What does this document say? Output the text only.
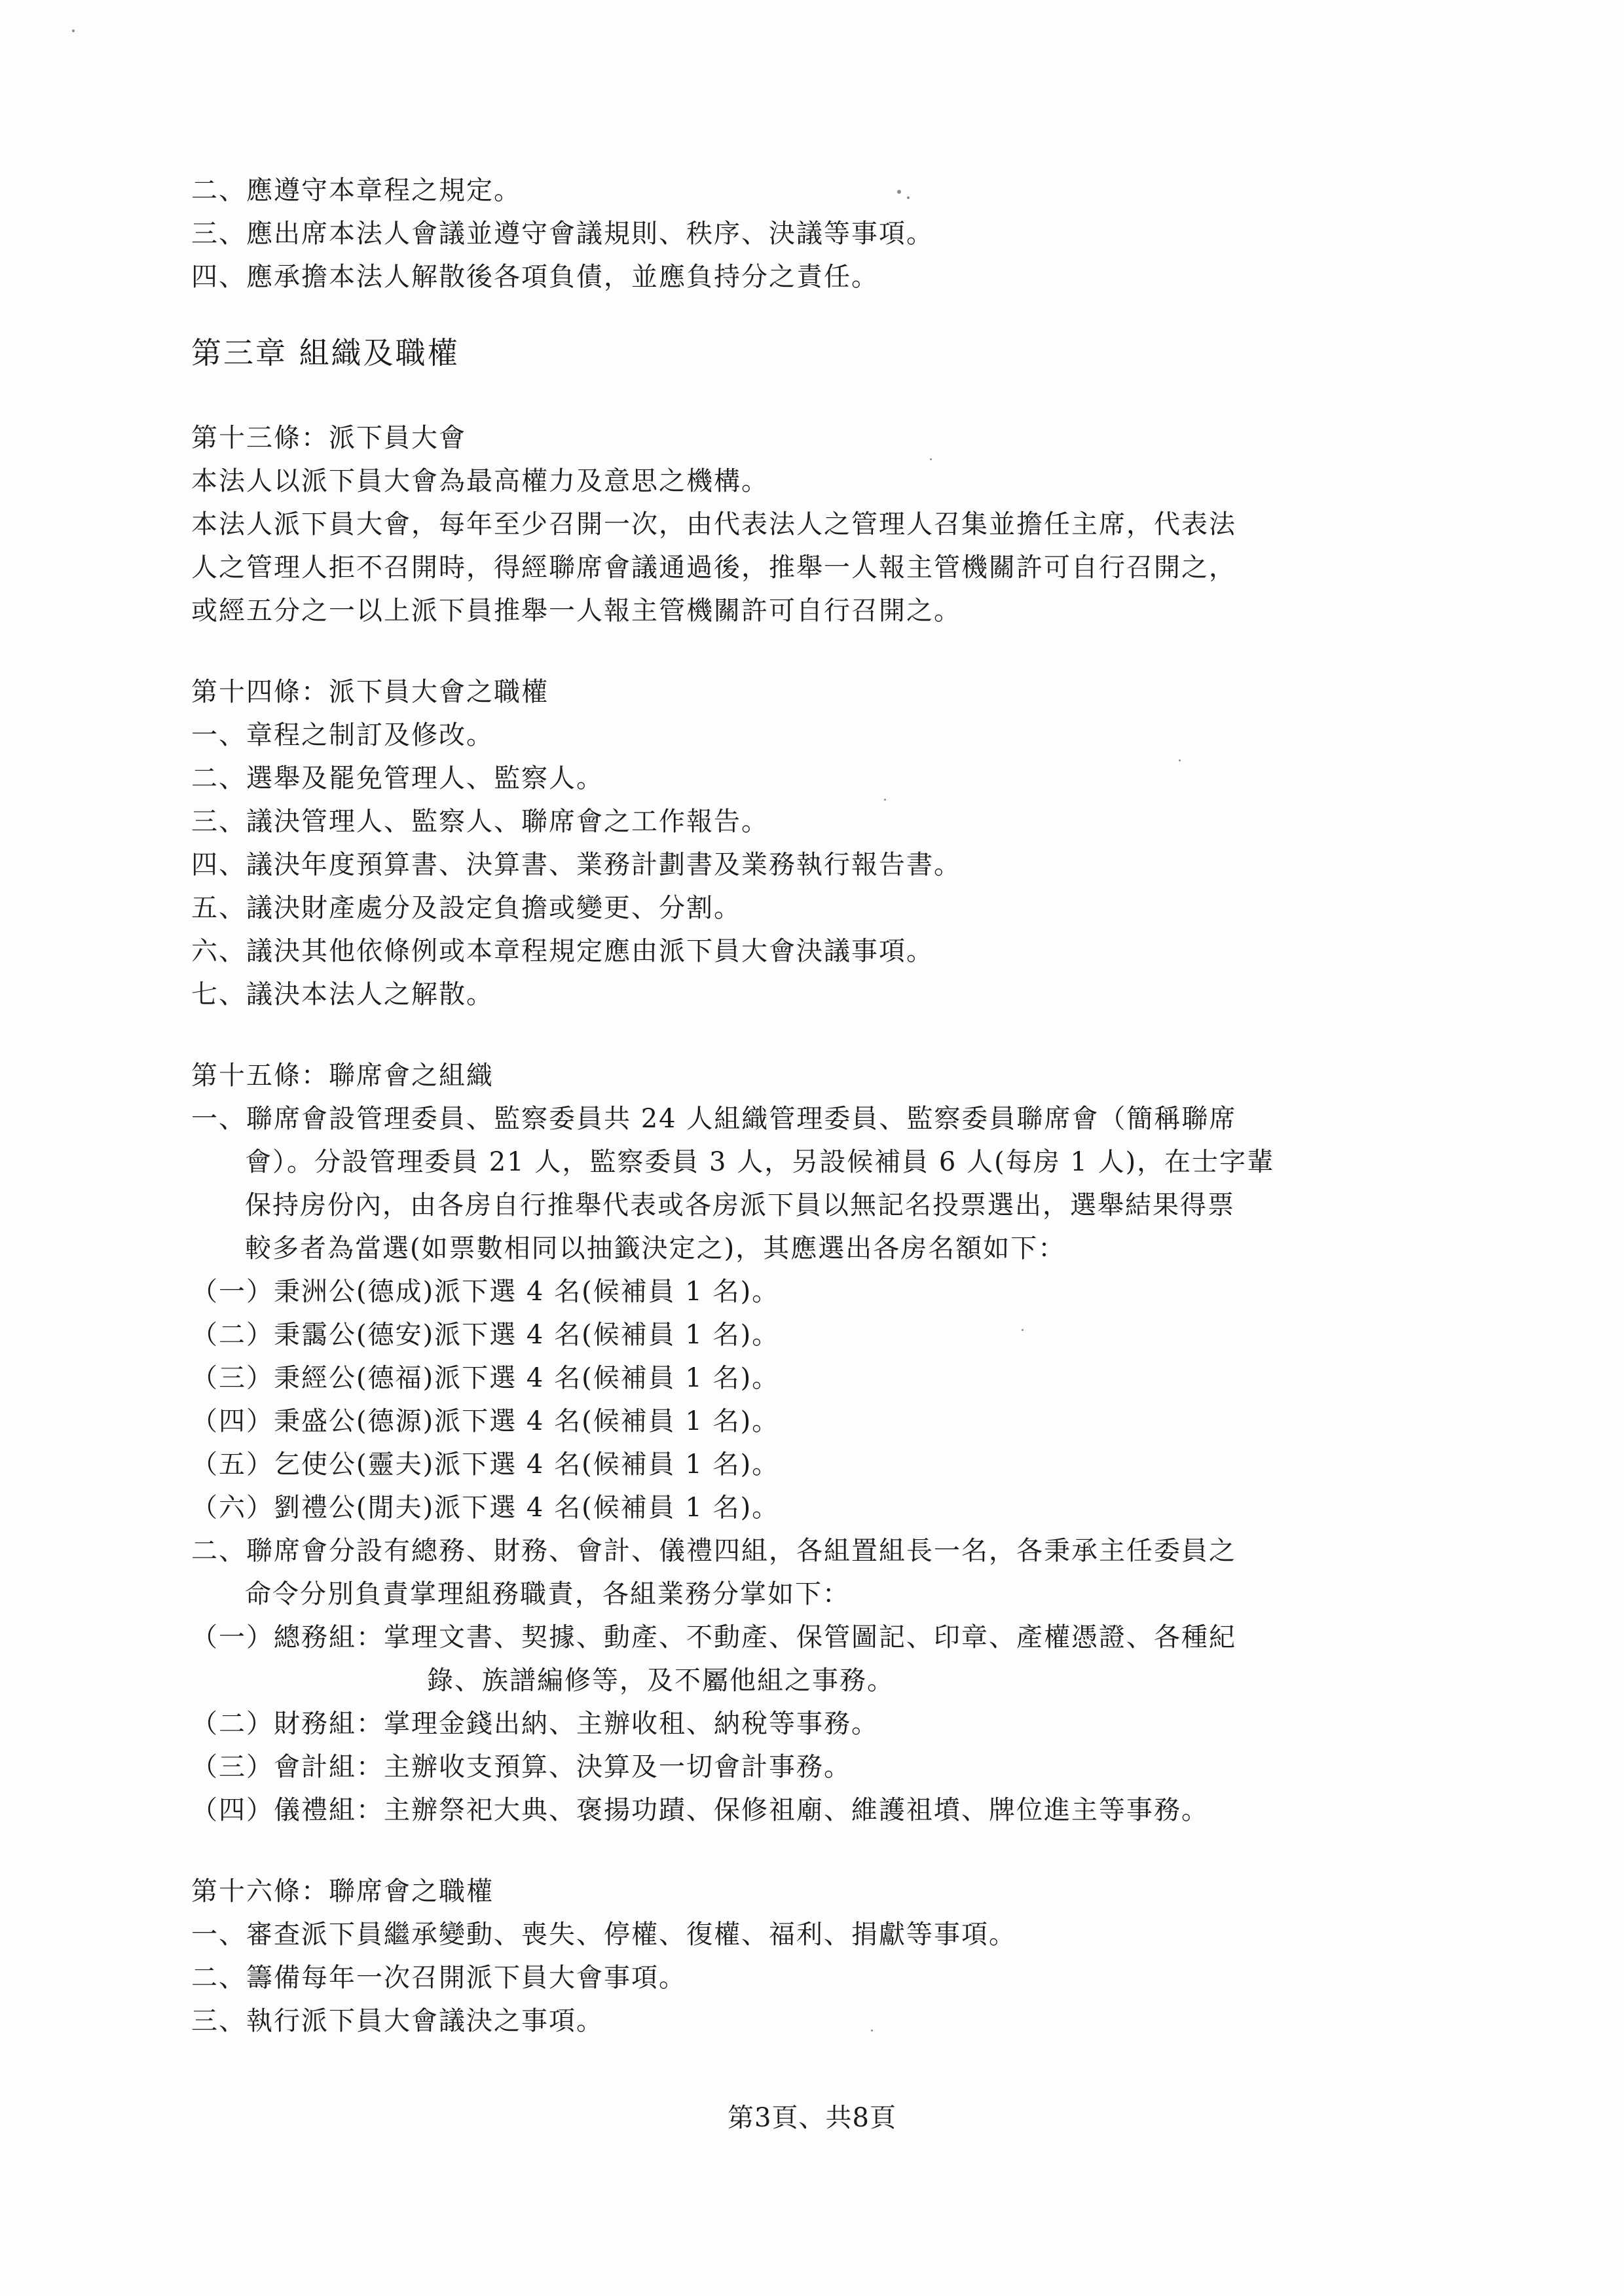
二、應遵守本章程之規定。
三、應出席本法人會議並遵守會議規則、秩序、決議等事項。
四、應承擔本法人解散後各項負債，並應負持分之責任。
第三章 組織及職權
第十三條：派下員大會
本法人以派下員大會為最高權力及意思之機構。
本法人派下員大會，每年至少召開一次，由代表法人之管理人召集並擔任主席，代表法
人之管理人拒不召開時，得經聯席會議通過後，推舉一人報主管機關許可自行召開之，
或經五分之一以上派下員推舉一人報主管機關許可自行召開之。
第十四條：派下員大會之職權
一、章程之制訂及修改。
二、選舉及罷免管理人、監察人。
三、議決管理人、監察人、聯席會之工作報告。
四、議決年度預算書、決算書、業務計劃書及業務執行報告書。
五、議決財產處分及設定負擔或變更、分割。
六、議決其他依條例或本章程規定應由派下員大會決議事項。
七、議決本法人之解散。
第十五條：聯席會之組織
一、聯席會設管理委員、監察委員共 24 人組織管理委員、監察委員聯席會（簡稱聯席
會）。分設管理委員 21 人，監察委員 3 人，另設候補員 6 人(每房 1 人)，在士字輩
保持房份內，由各房自行推舉代表或各房派下員以無記名投票選出，選舉結果得票
較多者為當選(如票數相同以抽籤決定之)，其應選出各房名額如下：
（一）秉洲公(德成)派下選 4 名(候補員 1 名)。
（二）秉靄公(德安)派下選 4 名(候補員 1 名)。
（三）秉經公(德福)派下選 4 名(候補員 1 名)。
（四）秉盛公(德源)派下選 4 名(候補員 1 名)。
（五）乞使公(靈夫)派下選 4 名(候補員 1 名)。
（六）劉禮公(閒夫)派下選 4 名(候補員 1 名)。
二、聯席會分設有總務、財務、會計、儀禮四組，各組置組長一名，各秉承主任委員之
命令分別負責掌理組務職責，各組業務分掌如下：
（一）總務組：掌理文書、契據、動產、不動產、保管圖記、印章、產權憑證、各種紀
錄、族譜編修等，及不屬他組之事務。
（二）財務組：掌理金錢出納、主辦收租、納稅等事務。
（三）會計組：主辦收支預算、決算及一切會計事務。
（四）儀禮組：主辦祭祀大典、褒揚功蹟、保修祖廟、維護祖墳、牌位進主等事務。
第十六條：聯席會之職權
一、審查派下員繼承變動、喪失、停權、復權、福利、捐獻等事項。
二、籌備每年一次召開派下員大會事項。
三、執行派下員大會議決之事項。
第3頁、共8頁
